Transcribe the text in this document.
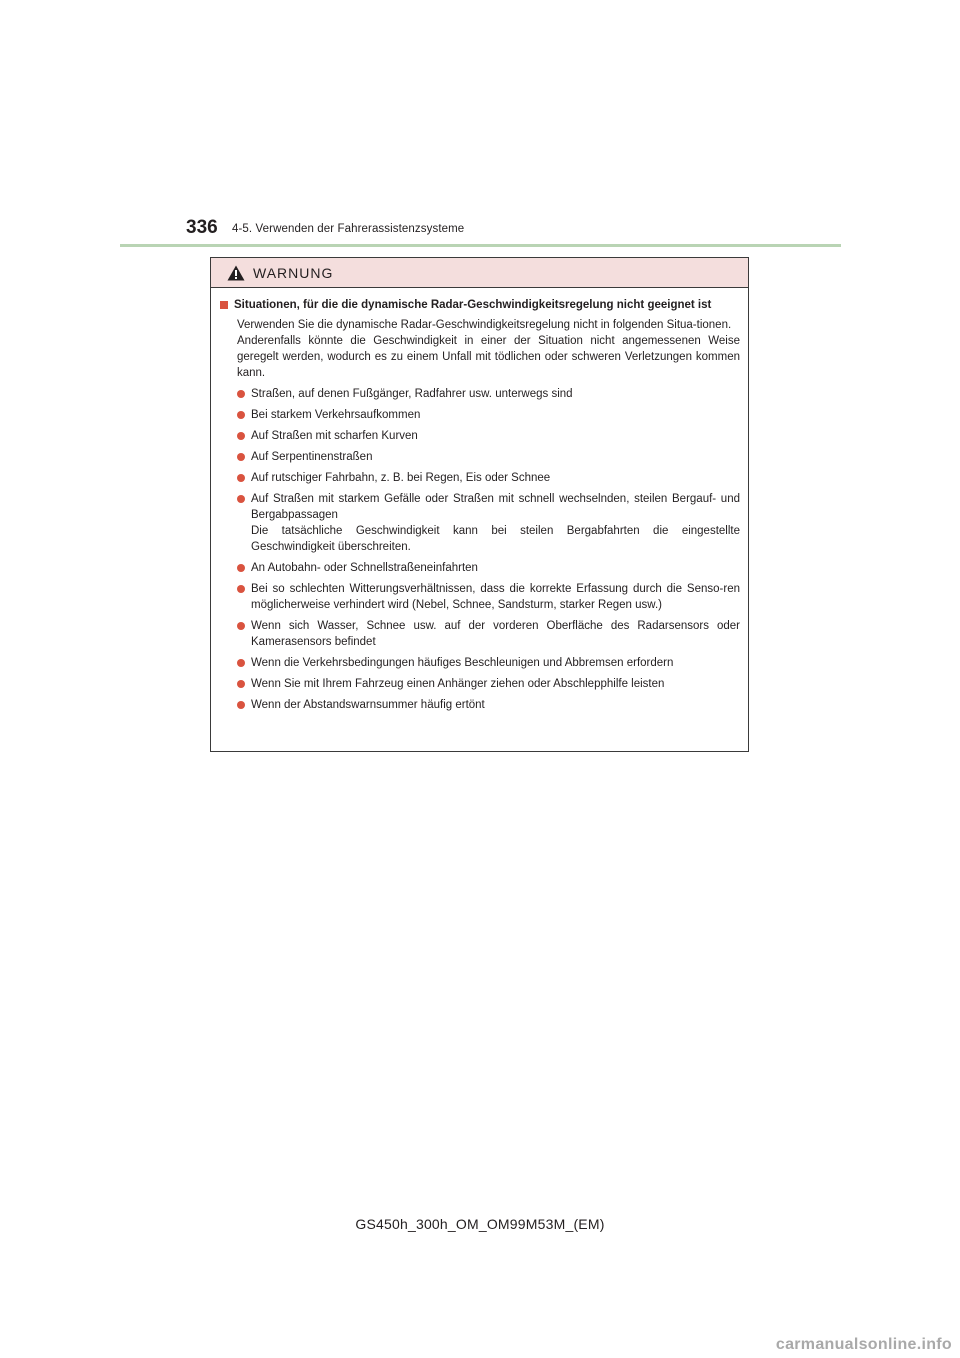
336 4-5. Verwenden der Fahrerassistenzsysteme
WARNUNG
Situationen, für die die dynamische Radar-Geschwindigkeitsregelung nicht geeignet ist

Verwenden Sie die dynamische Radar-Geschwindigkeitsregelung nicht in folgenden Situa-tionen.

Anderenfalls könnte die Geschwindigkeit in einer der Situation nicht angemessenen Weise geregelt werden, wodurch es zu einem Unfall mit tödlichen oder schweren Verletzungen kommen kann.

Straßen, auf denen Fußgänger, Radfahrer usw. unterwegs sind
Bei starkem Verkehrsaufkommen
Auf Straßen mit scharfen Kurven
Auf Serpentinenstraßen
Auf rutschiger Fahrbahn, z. B. bei Regen, Eis oder Schnee
Auf Straßen mit starkem Gefälle oder Straßen mit schnell wechselnden, steilen Bergauf- und Bergabpassagen
Die tatsächliche Geschwindigkeit kann bei steilen Bergabfahrten die eingestellte Geschwindigkeit überschreiten.
An Autobahn- oder Schnellstraßeneinfahrten
Bei so schlechten Witterungsverhältnissen, dass die korrekte Erfassung durch die Senso-ren möglicherweise verhindert wird (Nebel, Schnee, Sandsturm, starker Regen usw.)
Wenn sich Wasser, Schnee usw. auf der vorderen Oberfläche des Radarsensors oder Kamerasensors befindet
Wenn die Verkehrsbedingungen häufiges Beschleunigen und Abbremsen erfordern
Wenn Sie mit Ihrem Fahrzeug einen Anhänger ziehen oder Abschlepphilfe leisten
Wenn der Abstandswarnsummer häufig ertönt
GS450h_300h_OM_OM99M53M_(EM)
carmanualsonline.info
